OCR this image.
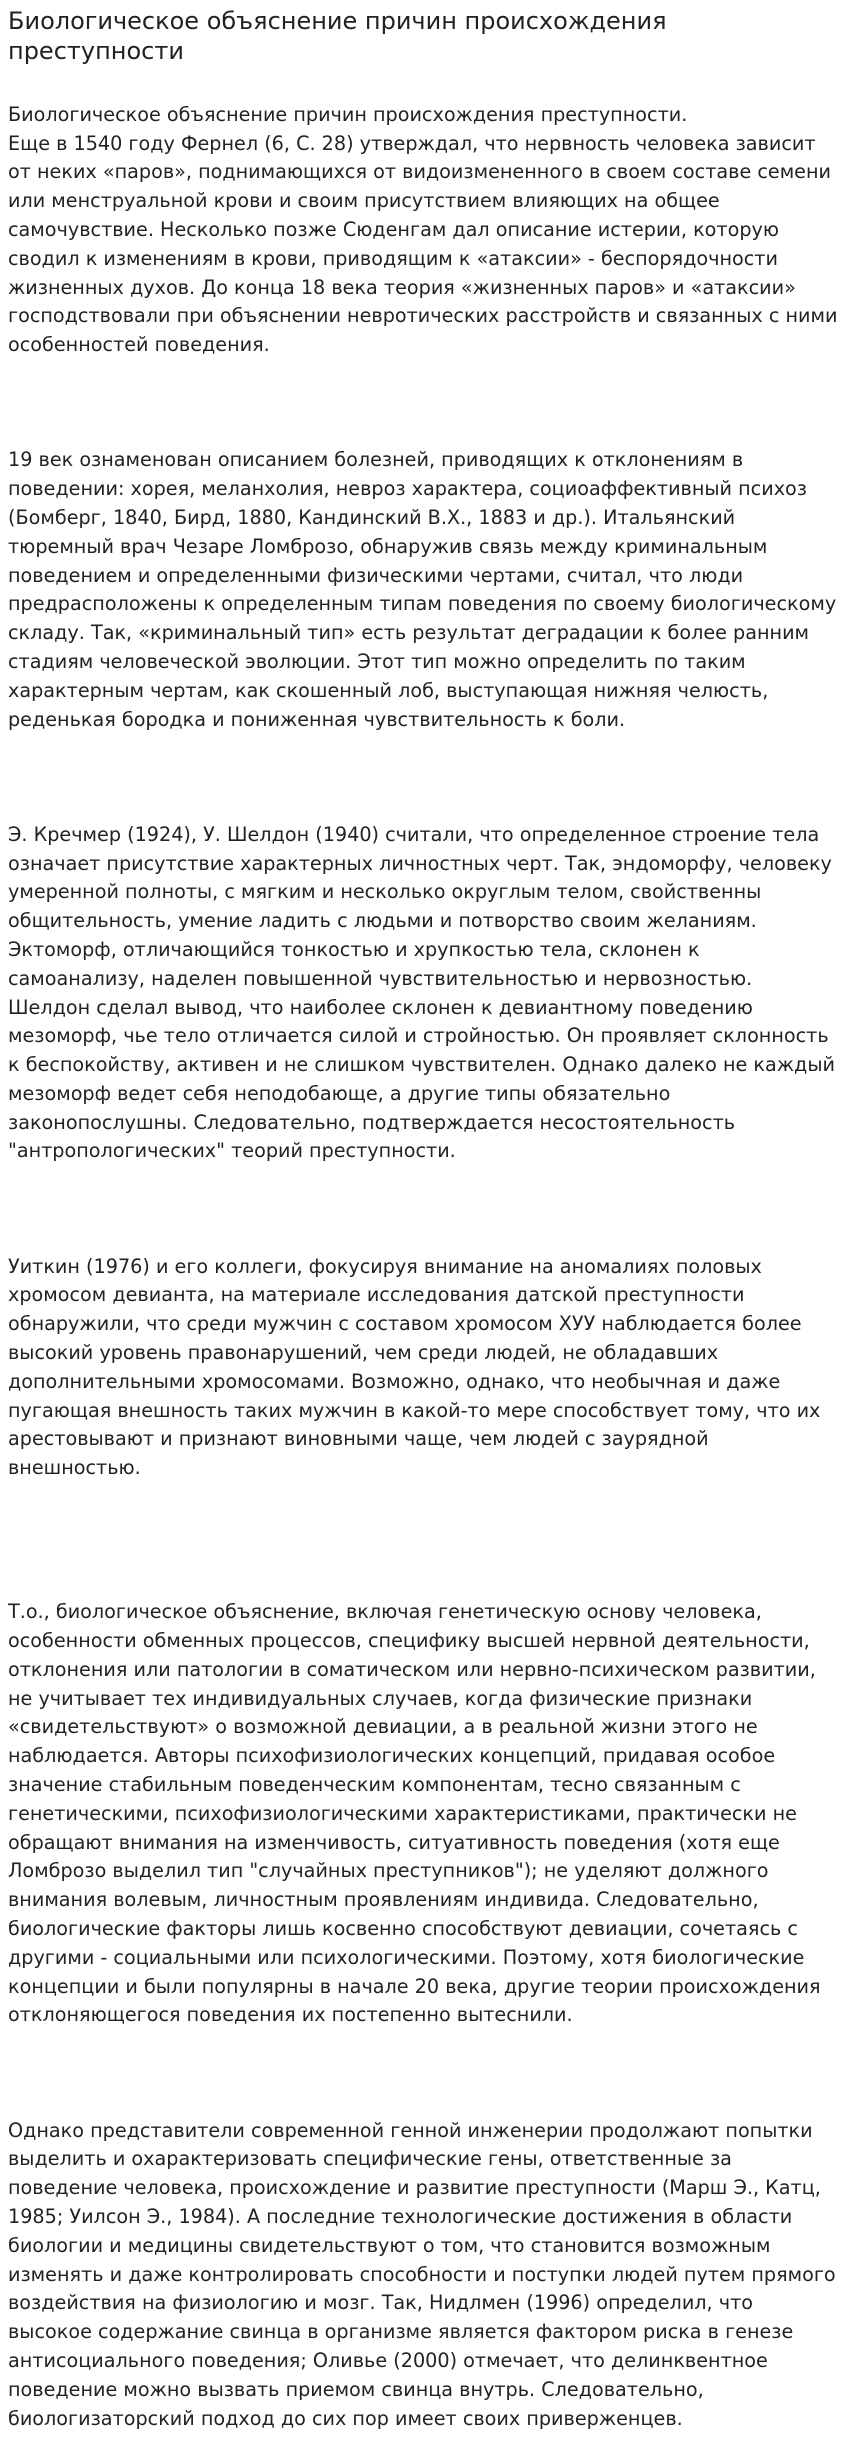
Биологическое объяснение причин происхождения преступности

Биологическое объяснение причин происхождения преступности.
Еще в 1540 году Фернел (6, С. 28) утверждал, что нервность человека зависит от неких «паров», поднимающихся от видоизмененного в своем составе семени или менструальной крови и своим присутствием влияющих на общее самочувствие. Несколько позже Сюденгам дал описание истерии, которую сводил к изменениям в крови, приводящим к «атаксии» - беспорядочности жизненных духов. До конца 18 века теория «жизненных паров» и «атаксии» господствовали при объяснении невротических расстройств и связанных с ними особенностей поведения.

19 век ознаменован описанием болезней, приводящих к отклонениям в поведении: хорея, меланхолия, невроз характера, социоаффективный психоз (Бомберг, 1840, Бирд, 1880, Кандинский В.Х., 1883 и др.). Итальянский тюремный врач Чезаре Ломброзо, обнаружив связь между криминальным поведением и определенными физическими чертами, считал, что люди предрасположены к определенным типам поведения по своему биологическому складу. Так, «криминальный тип» есть результат деградации к более ранним стадиям человеческой эволюции. Этот тип можно определить по таким характерным чертам, как скошенный лоб, выступающая нижняя челюсть, реденькая бородка и пониженная чувствительность к боли.

Э. Кречмер (1924), У. Шелдон (1940) считали, что определенное строение тела означает присутствие характерных личностных черт. Так, эндоморфу, человеку умеренной полноты, с мягким и несколько округлым телом, свойственны общительность, умение ладить с людьми и потворство своим желаниям. Эктоморф, отличающийся тонкостью и хрупкостью тела, склонен к самоанализу, наделен повышенной чувствительностью и нервозностью. Шелдон сделал вывод, что наиболее склонен к девиантному поведению мезоморф, чье тело отличается силой и стройностью. Он проявляет склонность к беспокойству, активен и не слишком чувствителен. Однако далеко не каждый мезоморф ведет себя неподобающе, а другие типы обязательно законопослушны. Следовательно, подтверждается несостоятельность "антропологических" теорий преступности.

Уиткин (1976) и его коллеги, фокусируя внимание на аномалиях половых хромосом девианта, на материале исследования датской преступности обнаружили, что среди мужчин с составом хромосом ХУУ наблюдается более высокий уровень правонарушений, чем среди людей, не обладавших дополнительными хромосомами. Возможно, однако, что необычная и даже пугающая внешность таких мужчин в какой-то мере способствует тому, что их арестовывают и признают виновными чаще, чем людей с заурядной внешностью.

Т.о., биологическое объяснение, включая генетическую основу человека, особенности обменных процессов, специфику высшей нервной деятельности, отклонения или патологии в соматическом или нервно-психическом развитии, не учитывает тех индивидуальных случаев, когда физические признаки «свидетельствуют» о возможной девиации, а в реальной жизни этого не наблюдается. Авторы психофизиологических концепций, придавая особое значение стабильным поведенческим компонентам, тесно связанным с генетическими, психофизиологическими характеристиками, практически не обращают внимания на изменчивость, ситуативность поведения (хотя еще Ломброзо выделил тип "случайных преступников"); не уделяют должного внимания волевым, личностным проявлениям индивида. Следовательно, биологические факторы лишь косвенно способствуют девиации, сочетаясь с другими - социальными или психологическими. Поэтому, хотя биологические концепции и были популярны в начале 20 века, другие теории происхождения отклоняющегося поведения их постепенно вытеснили.

Однако представители современной генной инженерии продолжают попытки выделить и охарактеризовать специфические гены, ответственные за поведение человека, происхождение и развитие преступности (Марш Э., Катц, 1985; Уилсон Э., 1984). А последние технологические достижения в области биологии и медицины свидетельствуют о том, что становится возможным изменять и даже контролировать способности и поступки людей путем прямого воздействия на физиологию и мозг. Так, Нидлмен (1996) определил, что высокое содержание свинца в организме является фактором риска в генезе антисоциального поведения; Оливье (2000) отмечает, что делинквентное поведение можно вызвать приемом свинца внутрь. Следовательно, биологизаторский подход до сих пор имеет своих приверженцев.
